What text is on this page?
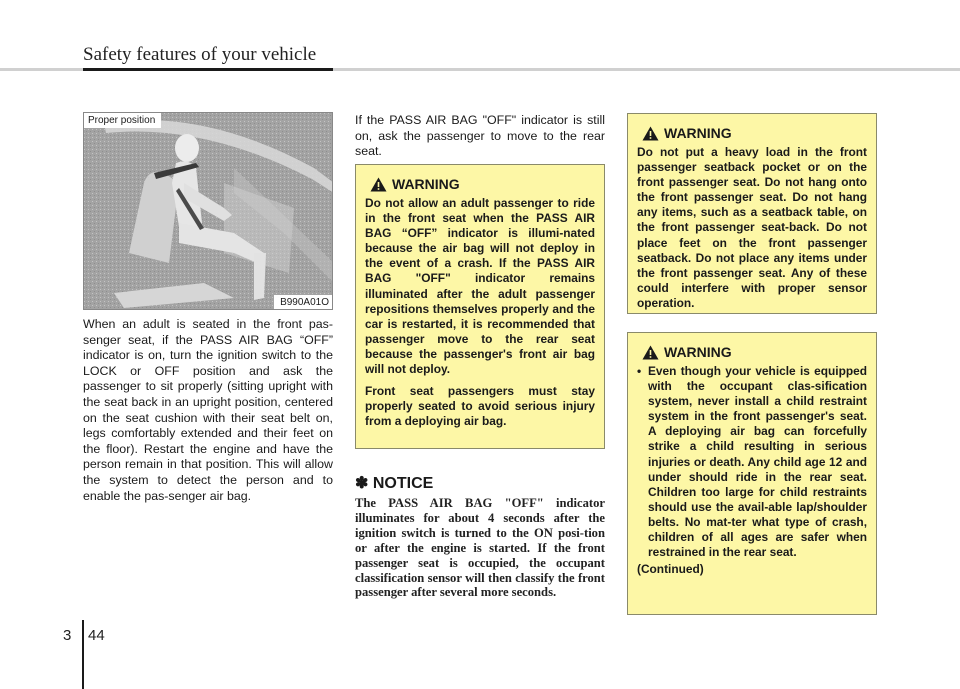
Safety features of your vehicle
Proper position
B990A01O

When an adult is seated in the front pas-senger seat, if the PASS AIR BAG “OFF” indicator is on, turn the ignition switch to the LOCK or OFF position and ask the passenger to sit properly (sitting upright with the seat back in an upright position, centered on the seat cushion with their seat belt on, legs comfortably extended and their feet on the floor). Restart the engine and have the person remain in that position. This will allow the system to detect the person and to enable the pas-senger air bag.

If the PASS AIR BAG "OFF" indicator is still on, ask the passenger to move to the rear seat.

WARNING

Do not allow an adult passenger to ride in the front seat when the PASS AIR BAG “OFF” indicator is illumi-nated because the air bag will not deploy in the event of a crash. If the PASS AIR BAG "OFF" indicator remains illuminated after the adult passenger repositions themselves properly and the car is restarted, it is recommended that passenger move to the rear seat because the passenger's front air bag will not deploy.

Front seat passengers must stay properly seated to avoid serious injury from a deploying air bag.

✽ NOTICE

The PASS AIR BAG "OFF" indicator illuminates for about 4 seconds after the ignition switch is turned to the ON posi-tion or after the engine is started. If the front passenger seat is occupied, the occupant classification sensor will then classify the front passenger after several more seconds.

WARNING

Do not put a heavy load in the front passenger seatback pocket or on the front passenger seat. Do not hang onto the front passenger seat. Do not hang any items, such as a seatback table, on the front passenger seat-back. Do not place feet on the front passenger seatback. Do not place any items under the front passenger seat. Any of these could interfere with proper sensor operation.

WARNING
• Even though your vehicle is equipped with the occupant clas-sification system, never install a child restraint system in the front passenger's seat. A deploying air bag can forcefully strike a child resulting in serious injuries or death. Any child age 12 and under should ride in the rear seat. Children too large for child restraints should use the avail-able lap/shoulder belts. No mat-ter what type of crash, children of all ages are safer when restrained in the rear seat.

(Continued)

3 44
